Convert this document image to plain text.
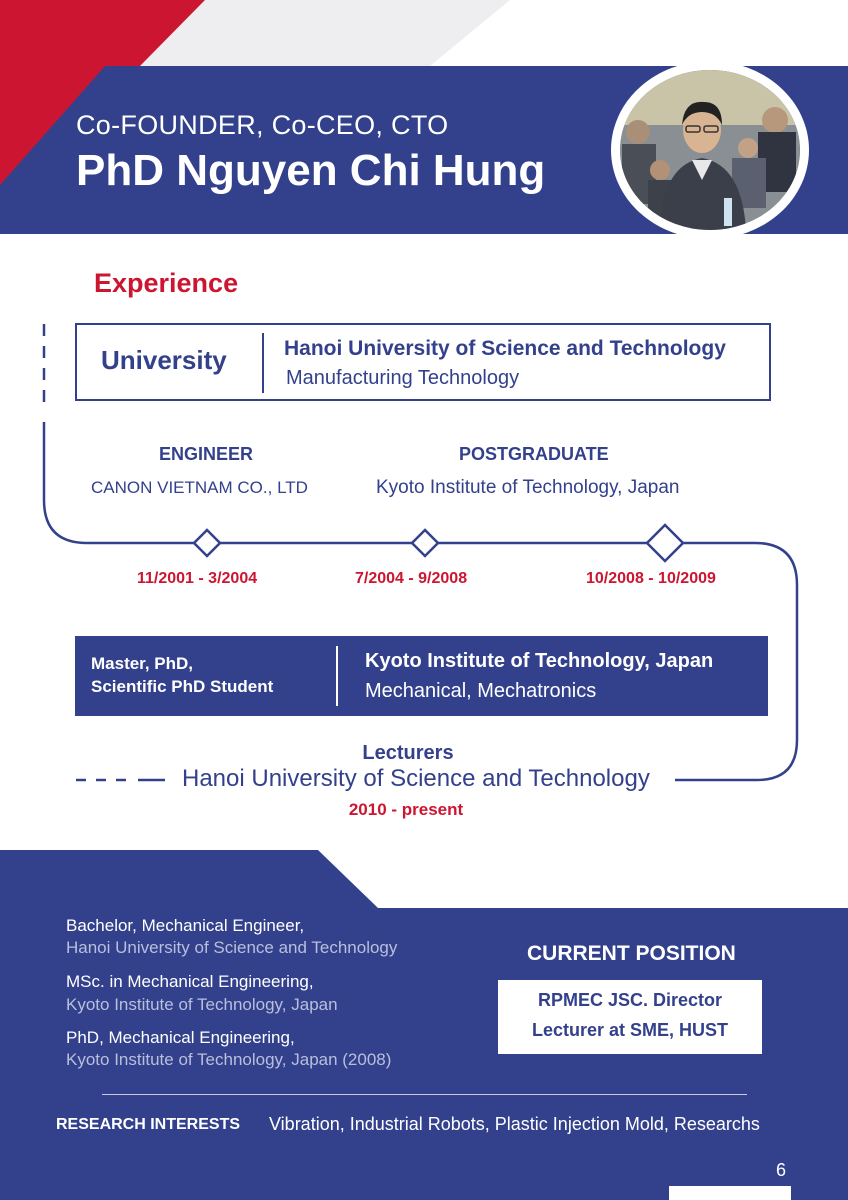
Co-FOUNDER, Co-CEO, CTO
PhD Nguyen Chi Hung
Experience
University	Hanoi University of Science and Technology
Manufacturing Technology
ENGINEER
CANON VIETNAM CO., LTD
POSTGRADUATE
Kyoto Institute of Technology, Japan
11/2001 - 3/2004	7/2004 - 9/2008	10/2008 - 10/2009
Master, PhD,
Scientific PhD Student
Kyoto Institute of Technology, Japan
Mechanical, Mechatronics
Lecturers
Hanoi University of Science and Technology
2010 - present
Bachelor, Mechanical Engineer,
Hanoi University of Science and Technology
MSc. in Mechanical Engineering,
Kyoto Institute of Technology, Japan
PhD, Mechanical Engineering,
Kyoto Institute of Technology, Japan (2008)
CURRENT POSITION
RPMEC JSC. Director
Lecturer at SME, HUST
RESEARCH INTERESTS Vibration, Industrial Robots, Plastic Injection Mold, Researchs
6
